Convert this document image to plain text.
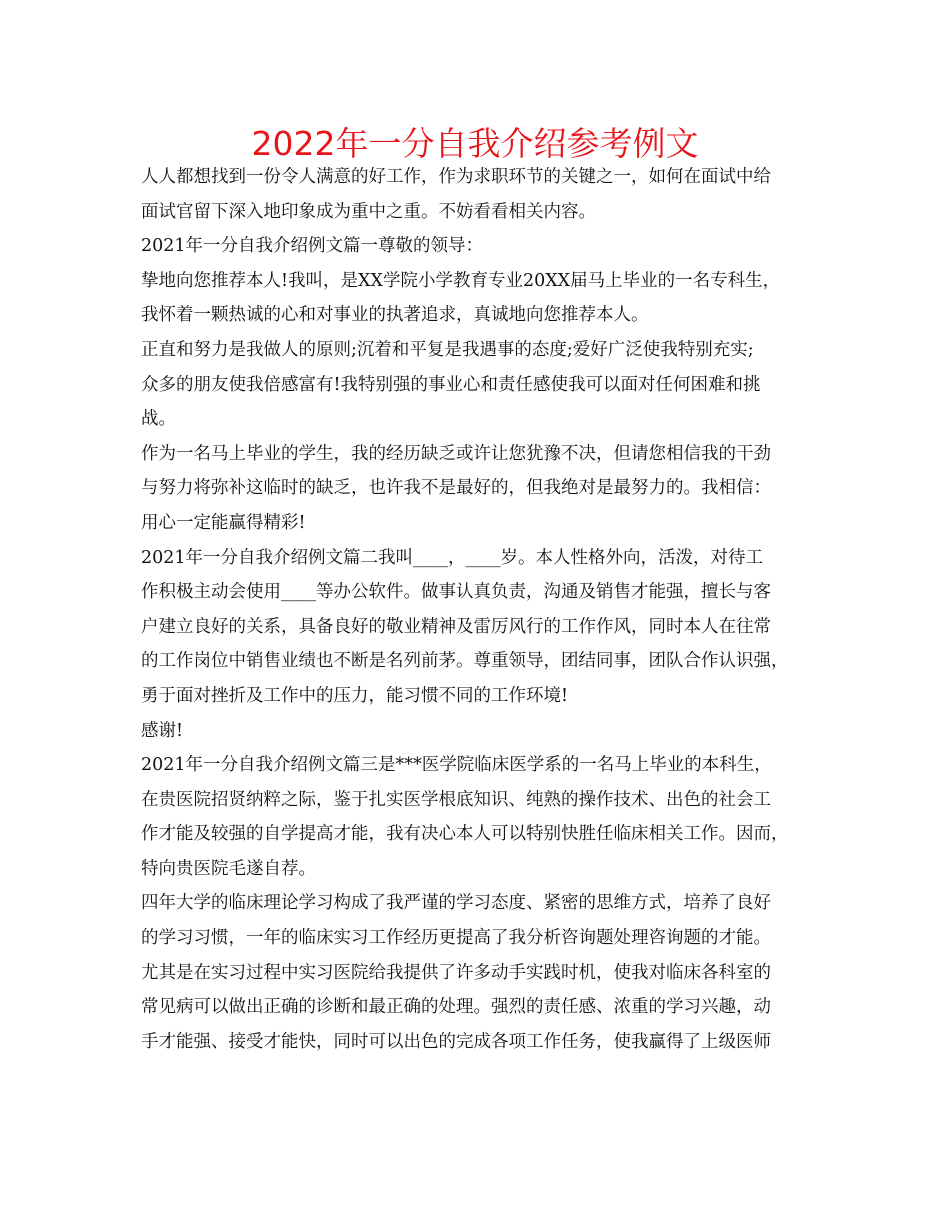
2022年一分自我介绍参考例文
人人都想找到一份令人满意的好工作，作为求职环节的关键之一，如何在面试中给
面试官留下深入地印象成为重中之重。不妨看看相关内容。
2021年一分自我介绍例文篇一尊敬的领导：
挚地向您推荐本人!我叫，是XX学院小学教育专业20XX届马上毕业的一名专科生，
我怀着一颗热诚的心和对事业的执著追求，真诚地向您推荐本人。
正直和努力是我做人的原则;沉着和平复是我遇事的态度;爱好广泛使我特别充实;
众多的朋友使我倍感富有!我特别强的事业心和责任感使我可以面对任何困难和挑
战。
作为一名马上毕业的学生，我的经历缺乏或许让您犹豫不决，但请您相信我的干劲
与努力将弥补这临时的缺乏，也许我不是最好的，但我绝对是最努力的。我相信：
用心一定能赢得精彩!
2021年一分自我介绍例文篇二我叫____，____岁。本人性格外向，活泼，对待工
作积极主动会使用____等办公软件。做事认真负责，沟通及销售才能强，擅长与客
户建立良好的关系，具备良好的敬业精神及雷厉风行的工作作风，同时本人在往常
的工作岗位中销售业绩也不断是名列前茅。尊重领导，团结同事，团队合作认识强，
勇于面对挫折及工作中的压力，能习惯不同的工作环境!
感谢!
2021年一分自我介绍例文篇三是***医学院临床医学系的一名马上毕业的本科生，
在贵医院招贤纳粹之际，鉴于扎实医学根底知识、纯熟的操作技术、出色的社会工
作才能及较强的自学提高才能，我有决心本人可以特别快胜任临床相关工作。因而，
特向贵医院毛遂自荐。
四年大学的临床理论学习构成了我严谨的学习态度、紧密的思维方式，培养了良好
的学习习惯，一年的临床实习工作经历更提高了我分析咨询题处理咨询题的才能。
尤其是在实习过程中实习医院给我提供了许多动手实践时机，使我对临床各科室的
常见病可以做出正确的诊断和最正确的处理。强烈的责任感、浓重的学习兴趣，动
手才能强、接受才能快，同时可以出色的完成各项工作任务，使我赢得了上级医师
